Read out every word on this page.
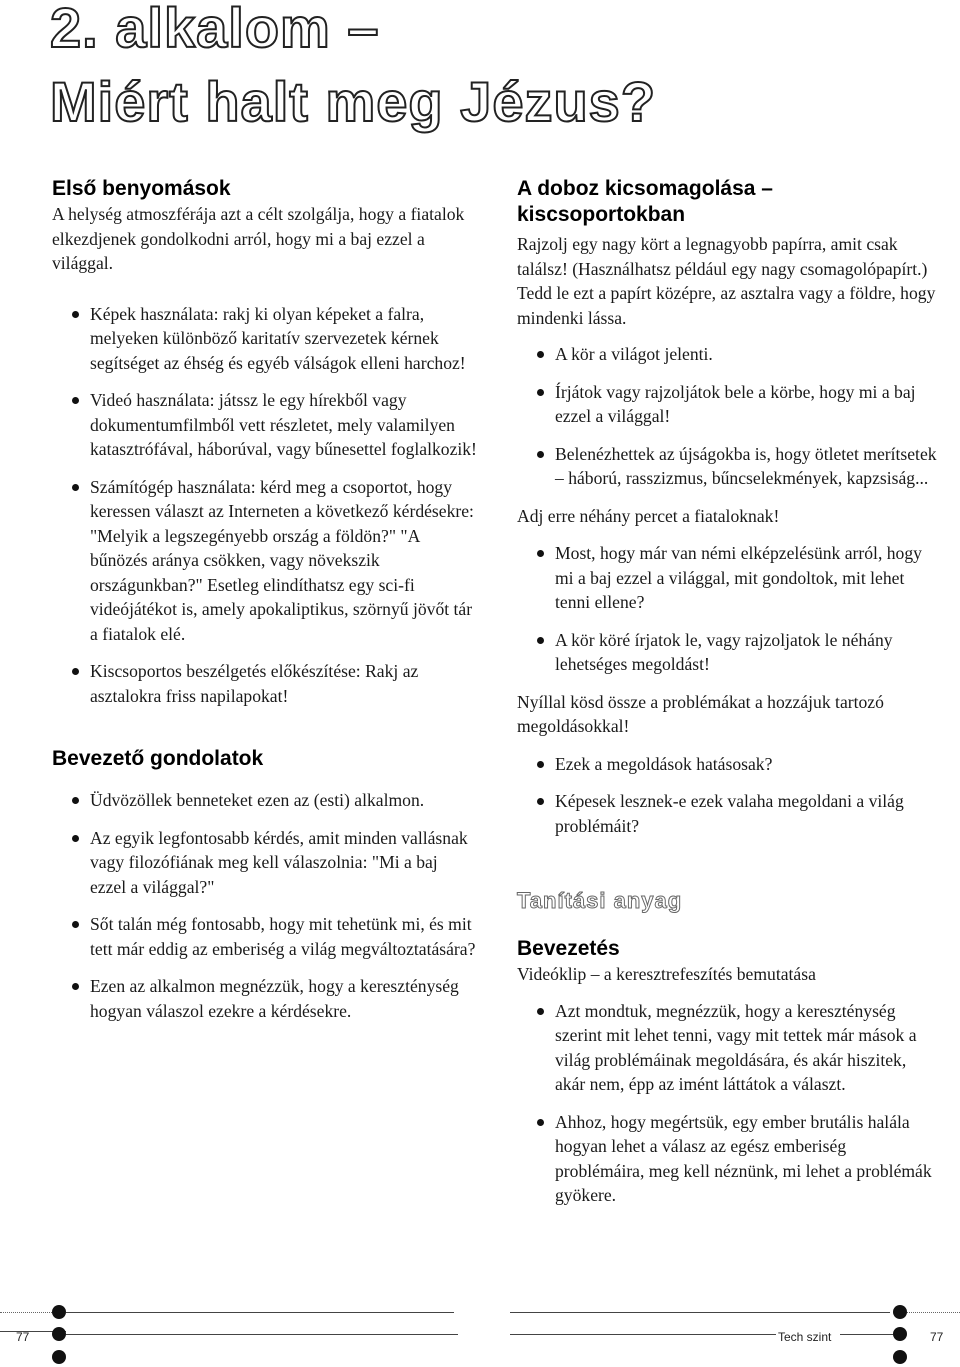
2. alkalom –
Miért halt meg Jézus?
Első benyomások

A helység atmoszférája azt a célt szolgálja, hogy a fiatalok elkezdjenek gondolkodni arról, hogy mi a baj ezzel a világgal.

Képek használata: rakj ki olyan képeket a falra, melyeken különböző karitatív szervezetek kérnek segítséget az éhség és egyéb válságok elleni harchoz!
Videó használata: játssz le egy hírekből vagy dokumentumfilmből vett részletet, mely valamilyen katasztrófával, háborúval, vagy bűnesettel foglalkozik!
Számítógép használata: kérd meg a csoportot, hogy keressen választ az Interneten a következő kérdésekre: "Melyik a legszegényebb ország a földön?" "A bűnözés aránya csökken, vagy növekszik országunkban?" Esetleg elindíthatsz egy sci-fi videójátékot is, amely apokaliptikus, szörnyű jövőt tár a fiatalok elé.
Kiscsoportos beszélgetés előkészítése: Rakj az asztalokra friss napilapokat!
Bevezető gondolatok
Üdvözöllek benneteket ezen az (esti) alkalmon.
Az egyik legfontosabb kérdés, amit minden vallásnak vagy filozófiának meg kell válaszolnia: "Mi a baj ezzel a világgal?"
Sőt talán még fontosabb, hogy mit tehetünk mi, és mit tett már eddig az emberiség a világ megváltoztatására?
Ezen az alkalmon megnézzük, hogy a kereszténység hogyan válaszol ezekre a kérdésekre.
A doboz kicsomagolása – kiscsoportokban

Rajzolj egy nagy kört a legnagyobb papírra, amit csak találsz! (Használhatsz például egy nagy csomagolópapírt.) Tedd le ezt a papírt középre, az asztalra vagy a földre, hogy mindenki lássa.

A kör a világot jelenti.
Írjátok vagy rajzoljátok bele a körbe, hogy mi a baj ezzel a világgal!
Belenézhettek az újságokba is, hogy ötletet merítsetek – háború, rasszizmus, bűncselekmények, kapzsiság...

Adj erre néhány percet a fiataloknak!

Most, hogy már van némi elképzelésünk arról, hogy mi a baj ezzel a világgal, mit gondoltok, mit lehet tenni ellene?
A kör köré írjatok le, vagy rajzoljatok le néhány lehetséges megoldást!

Nyíllal kösd össze a problémákat a hozzájuk tartozó megoldásokkal!

Ezek a megoldások hatásosak?
Képesek lesznek-e ezek valaha megoldani a világ problémáit?
Tanítási anyag
Bevezetés

Videóklip – a keresztrefeszítés bemutatása

Azt mondtuk, megnézzük, hogy a kereszténység szerint mit lehet tenni, vagy mit tettek már mások a világ problémáinak megoldására, és akár hiszitek, akár nem, épp az imént láttátok a választ.
Ahhoz, hogy megértsük, egy ember brutális halála hogyan lehet a válasz az egész emberiség problémáira, meg kell néznünk, mi lehet a problémák gyökere.
77	Tech szint	77
